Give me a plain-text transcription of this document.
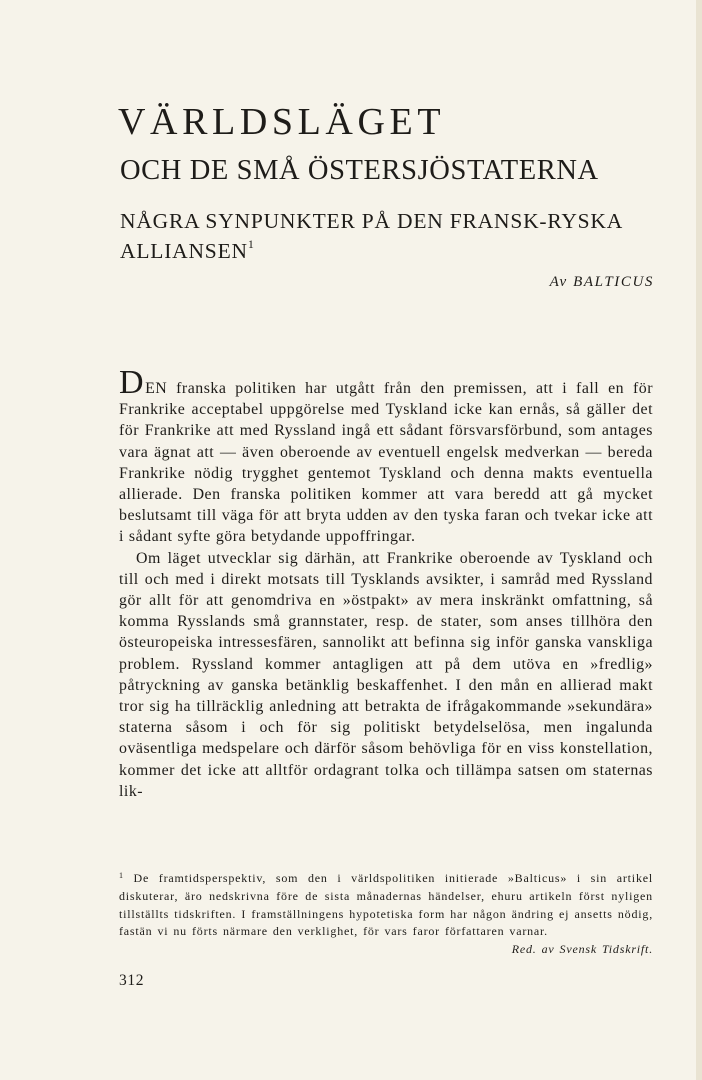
VÄRLDSLÄGET
OCH DE SMÅ ÖSTERSJÖSTATERNA
NÅGRA SYNPUNKTER PÅ DEN FRANSK-RYSKA ALLIANSEN$^1$
Av BALTICUS

DEN franska politiken har utgått från den premissen, att i fall en för Frankrike acceptabel uppgörelse med Tyskland icke kan ernås, så gäller det för Frankrike att med Ryssland ingå ett sådant försvarsförbund, som antages vara ägnat att — även oberoende av eventuell engelsk medverkan — bereda Frankrike nödig trygghet gentemot Tyskland och denna makts eventuella allierade. Den franska politiken kommer att vara beredd att gå mycket beslutsamt till väga för att bryta udden av den tyska faran och tvekar icke att i sådant syfte göra betydande uppoffringar.

Om läget utvecklar sig därhän, att Frankrike oberoende av Tyskland och till och med i direkt motsats till Tysklands avsikter, i samråd med Ryssland gör allt för att genomdriva en »östpakt» av mera inskränkt omfattning, så komma Rysslands små grannstater, resp. de stater, som anses tillhöra den östeuropeiska intressesfären, sannolikt att befinna sig inför ganska vanskliga problem. Ryssland kommer antagligen att på dem utöva en »fredlig» påtryckning av ganska betänklig beskaffenhet. I den mån en allierad makt tror sig ha tillräcklig anledning att betrakta de ifrågakommande »sekundära» staterna såsom i och för sig politiskt betydelselösa, men ingalunda oväsentliga medspelare och därför såsom behövliga för en viss konstellation, kommer det icke att alltför ordagrant tolka och tillämpa satsen om staternas lik-

$^1$ De framtidsperspektiv, som den i världspolitiken initierade »Balticus» i sin artikel diskuterar, äro nedskrivna före de sista månadernas händelser, ehuru artikeln först nyligen tillställts tidskriften. I framställningens hypotetiska form har någon ändring ej ansetts nödig, fastän vi nu förts närmare den verklighet, för vars faror författaren varnar.
Red. av Svensk Tidskrift.
312
